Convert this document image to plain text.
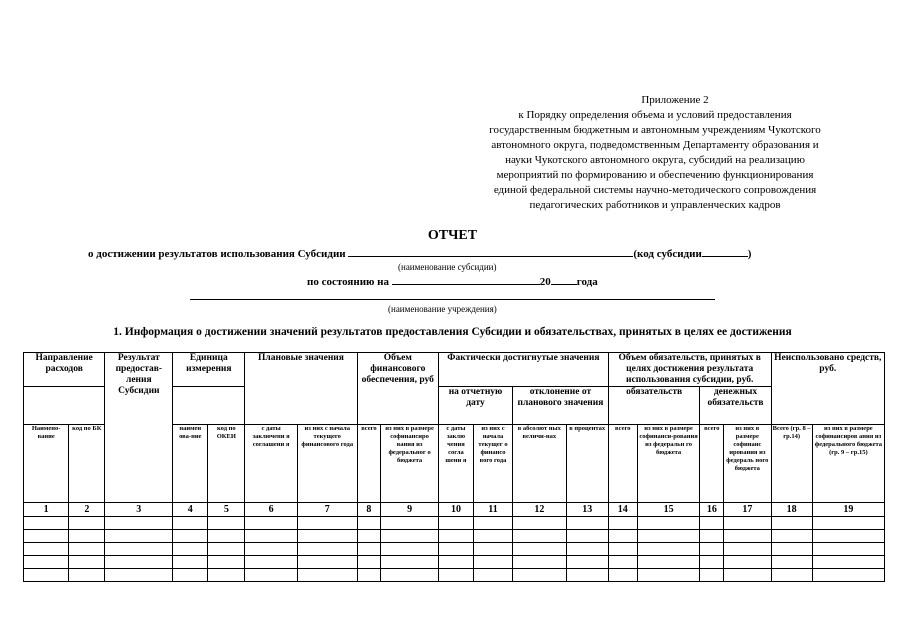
Приложение 2
к Порядку определения объема и условий предоставления
государственным бюджетным и автономным учреждениям Чукотского
автономного округа, подведомственным Департаменту образования и
науки Чукотского автономного округа, субсидий на реализацию
мероприятий по формированию и обеспечению функционирования
единой федеральной системы научно-методического сопровождения
педагогических работников и управленческих кадров
ОТЧЕТ
о достижении результатов использования Субсидии	(код субсидии	)
(наименование субсидии)
по состоянию на	20 года
(наименование учреждения)
1. Информация о достижении значений результатов предоставления Субсидии и обязательствах, принятых в целях ее достижения
Направление расходов		Результат предостав-ления Субсидии	Единица измерения		Плановые значения		Объем финансового обеспечения, руб		Фактически достигнутые значения				Объем обязательств, принятых в целях достижения результата использования субсидии, руб.				Неиспользовано средств, руб.	
									на отчетную дату		отклонение от планового значения		обязательств		денежных обязательств			
Наимено-вание	код по БК		наимен ова-ние	код по ОКЕИ	с даты заключени я соглашени я	из них с начала текущего финансового года	всего	из них в размере софинансиро вания из федеральног о бюджета	с даты заклю чения согла шени я	из них с начала текущег о финансо вого года	в абсолют ных величи-нах	в процентах	всего	из них в размере софинанси-рования из федеральн го бюджета	всего	из них в размере софинанс ирования из федераль ного бюджета	Всего (гр. 8 – гр.14)	из них в размере софинансиров ания из федерального бюджета (гр. 9 – гр.15)
1	2	3	4	5	6	7	8	9	10	11	12	13	14	15	16	17	18	19
